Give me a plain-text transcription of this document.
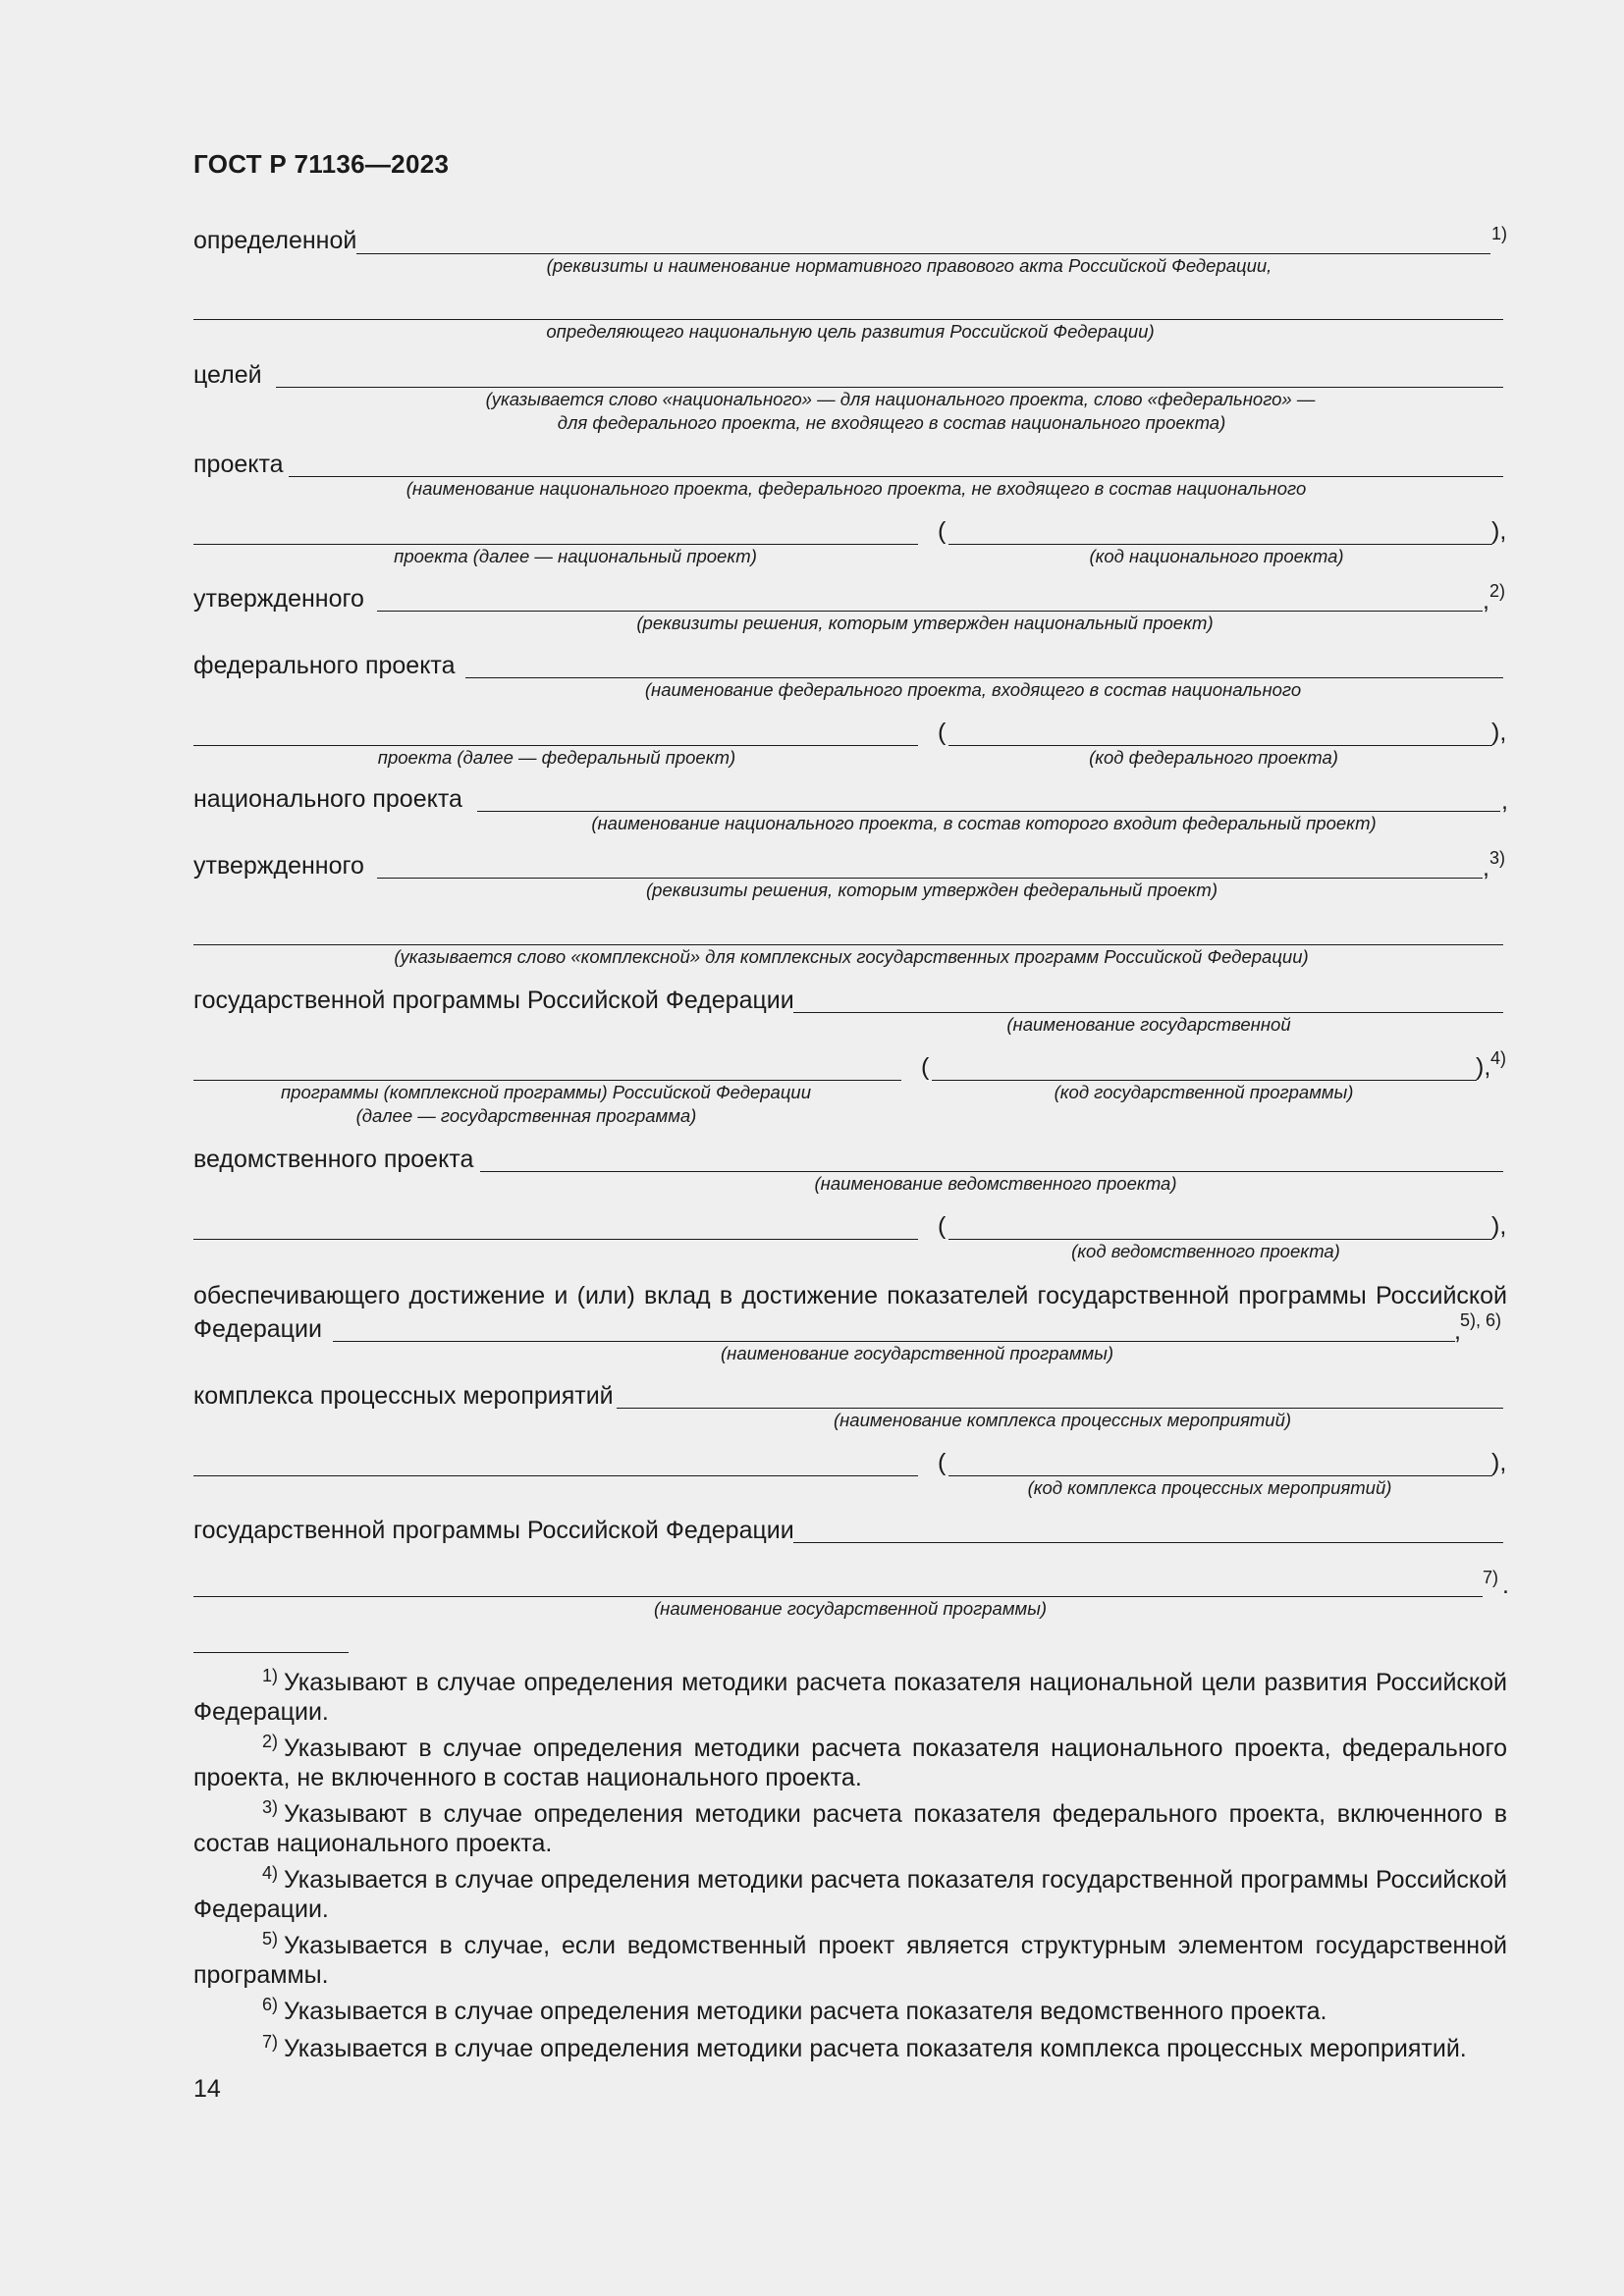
ГОСТ Р 71136—2023
определенной	1)
(реквизиты и наименование нормативного правового акта Российской Федерации,
определяющего национальную цель развития Российской Федерации)
целей
(указывается слово «национального» — для национального проекта, слово «федерального» —
для федерального проекта, не входящего в состав национального проекта)
проекта
(наименование национального проекта, федерального проекта, не входящего в состав национального
(	),
проекта (далее — национальный проект)	(код национального проекта)
утвержденного	, 2)
(реквизиты решения, которым утвержден национальный проект)
федерального проекта
(наименование федерального проекта, входящего в состав национального
(	),
проекта (далее — федеральный проект)	(код федерального проекта)
национального проекта	,
(наименование национального проекта, в состав которого входит федеральный проект)
утвержденного	, 3)
(реквизиты решения, которым утвержден федеральный проект)
(указывается слово «комплексной» для комплексных государственных программ Российской Федерации)
государственной программы Российской Федерации
(наименование государственной
(	), 4)
программы (комплексной программы) Российской Федерации
(далее — государственная программа)
(код государственной программы)
ведомственного проекта
(наименование ведомственного проекта)
(	),
(код ведомственного проекта)
обеспечивающего достижение и (или) вклад в достижение показателей государственной программы Российской
Федерации	, 5), 6)
(наименование государственной программы)
комплекса процессных мероприятий
(наименование комплекса процессных мероприятий)
(	),
(код комплекса процессных мероприятий)
государственной программы Российской Федерации
7) .
(наименование государственной программы)
$^{1)}$ Указывают в случае определения методики расчета показателя национальной цели развития Российской Федерации.
$^{2)}$ Указывают в случае определения методики расчета показателя национального проекта, федерального проекта, не включенного в состав национального проекта.
$^{3)}$ Указывают в случае определения методики расчета показателя федерального проекта, включенного в состав национального проекта.
$^{4)}$ Указывается в случае определения методики расчета показателя государственной программы Российской Федерации.
$^{5)}$ Указывается в случае, если ведомственный проект является структурным элементом государственной программы.
$^{6)}$ Указывается в случае определения методики расчета показателя ведомственного проекта.
$^{7)}$ Указывается в случае определения методики расчета показателя комплекса процессных мероприятий.
14
